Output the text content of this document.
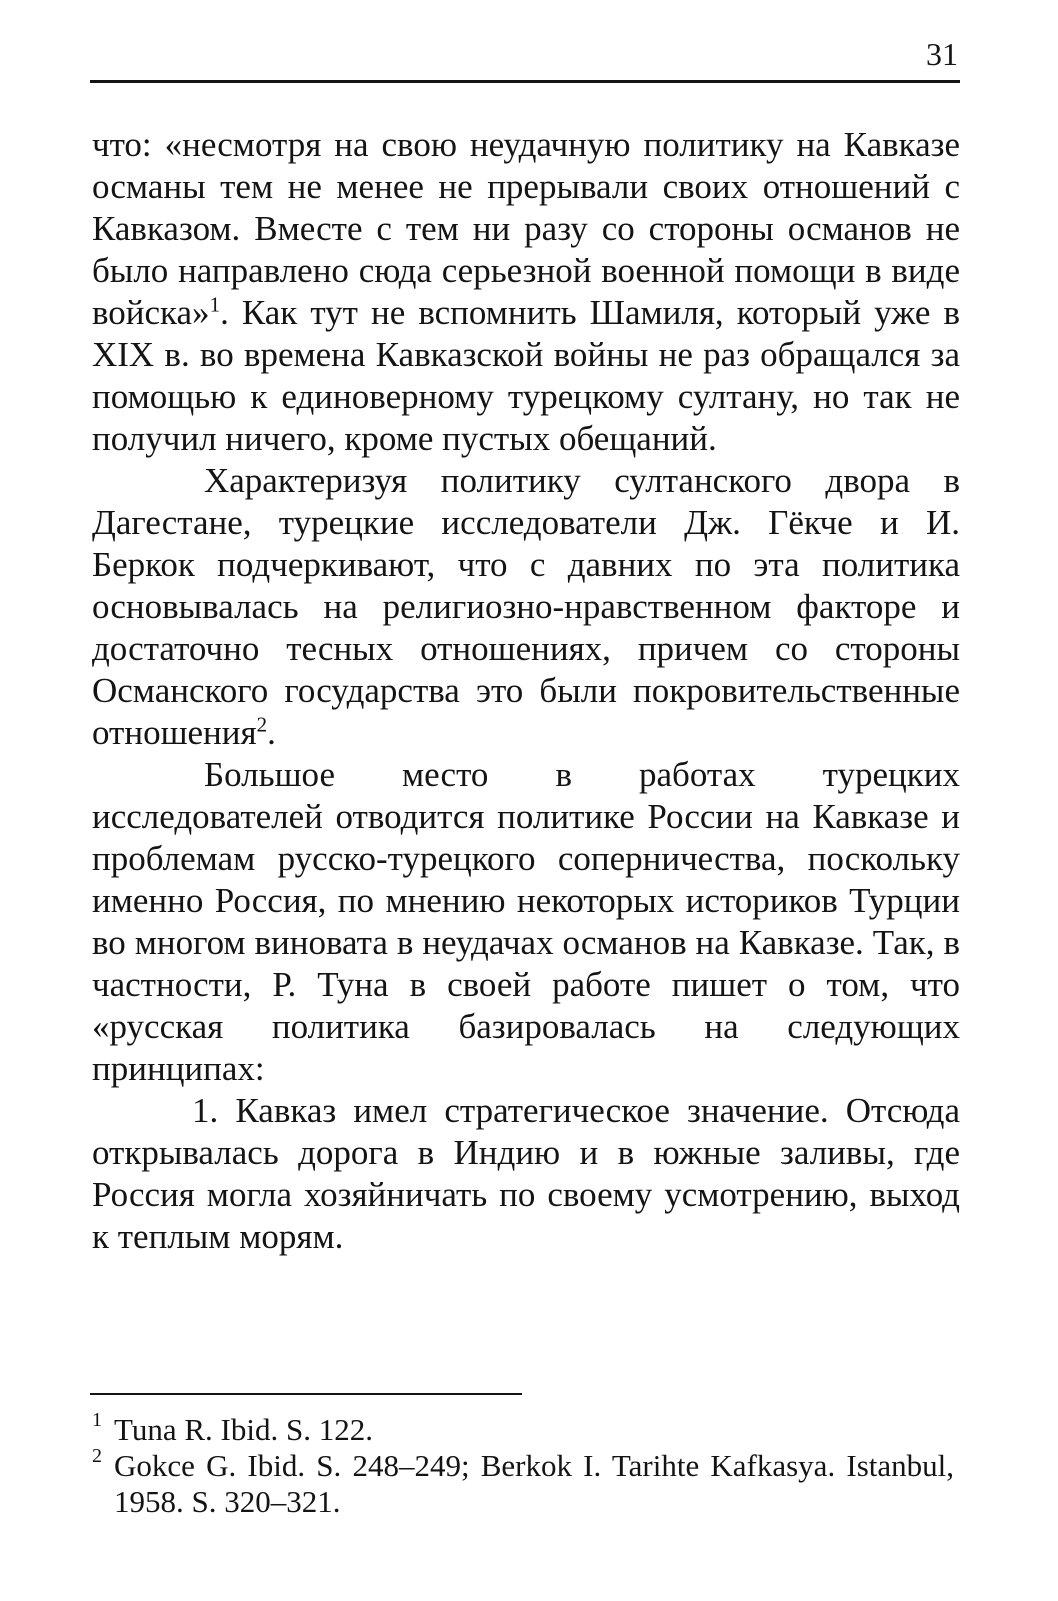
31

что: «несмотря на свою неудачную политику на Кавказе османы тем не менее не прерывали своих отношений с Кавказом. Вместе с тем ни разу со стороны османов не было направлено сюда серьезной военной помощи в виде войска»$^1$. Как тут не вспомнить Шамиля, который уже в XIX в. во времена Кавказской войны не раз обращался за помощью к единоверному турецкому султану, но так не получил ничего, кроме пустых обещаний.

Характеризуя политику султанского двора в Дагестане, турецкие исследователи Дж. Гёкче и И. Беркок подчеркивают, что с давних по эта политика основывалась на религиозно-нравственном факторе и достаточно тесных отношениях, причем со стороны Османского государства это были покровительственные отношения$^2$.

Большое место в работах турецких исследователей отводится политике России на Кавказе и проблемам русско-турецкого соперничества, поскольку именно Россия, по мнению некоторых историков Турции во многом виновата в неудачах османов на Кавказе. Так, в частности, Р. Туна в своей работе пишет о том, что «русская политика базировалась на следующих принципах:

1. Кавказ имел стратегическое значение. Отсюда открывалась дорога в Индию и в южные заливы, где Россия могла хозяйничать по своему усмотрению, выход к теплым морям.

1 Tuna R. Ibid. S. 122.
2 Gokce G. Ibid. S. 248–249; Berkok I. Tarihte Kafkasya. Istanbul, 1958. S. 320–321.
